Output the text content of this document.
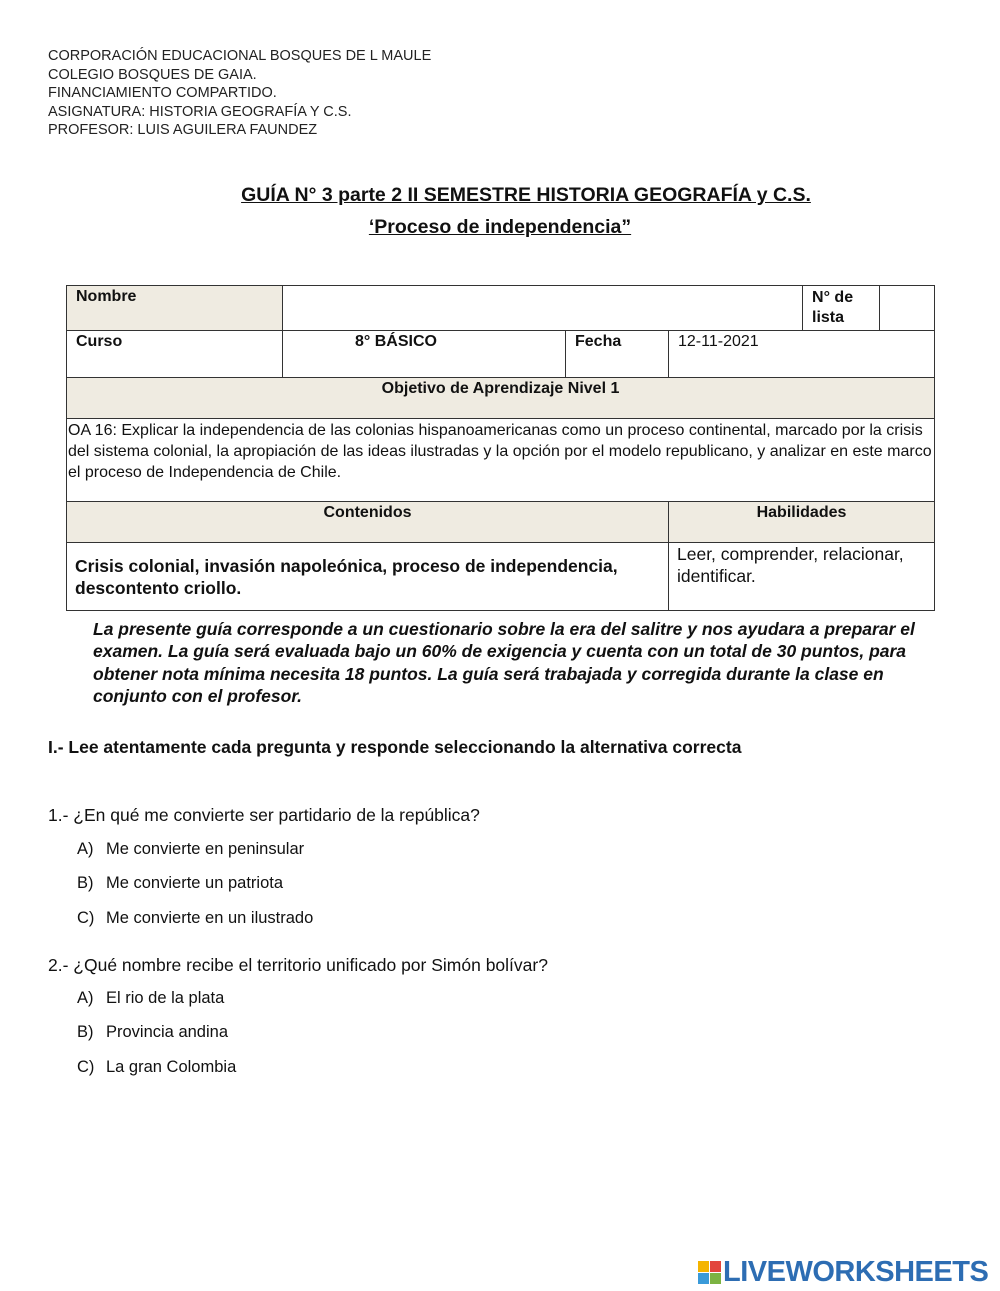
CORPORACIÓN EDUCACIONAL BOSQUES DE L MAULE
COLEGIO BOSQUES DE GAIA.
FINANCIAMIENTO COMPARTIDO.
ASIGNATURA: HISTORIA GEOGRAFÍA Y C.S.
PROFESOR: LUIS AGUILERA FAUNDEZ
GUÍA N° 3 parte 2 II SEMESTRE HISTORIA GEOGRAFÍA y C.S.
‘Proceso de independencia”
Nombre				N° de lista	
Curso	8° BÁSICO	Fecha	12-11-2021		
Objetivo de Aprendizaje Nivel 1					
OA 16: Explicar la independencia de las colonias hispanoamericanas como un proceso continental, marcado por la crisis del sistema colonial, la apropiación de las ideas ilustradas y la opción por el modelo republicano, y analizar en este marco el proceso de Independencia de Chile.					
Contenidos			Habilidades		
Crisis colonial, invasión napoleónica, proceso de independencia, descontento criollo.			Leer, comprender, relacionar, identificar.		
La presente guía corresponde a un cuestionario sobre la era del salitre y nos ayudara a preparar el examen. La guía será evaluada bajo un 60% de exigencia y cuenta con un total de 30 puntos, para obtener nota mínima necesita 18 puntos. La guía será trabajada y corregida durante la clase en conjunto con el profesor.
I.- Lee atentamente cada pregunta y responde seleccionando la alternativa correcta
1.- ¿En qué me convierte ser partidario de la república?
A) Me convierte en peninsular
B) Me convierte un patriota
C) Me convierte en un ilustrado
2.- ¿Qué nombre recibe el territorio unificado por Simón bolívar?
A) El rio de la plata
B) Provincia andina
C) La gran Colombia
LIVEWORKSHEETS
